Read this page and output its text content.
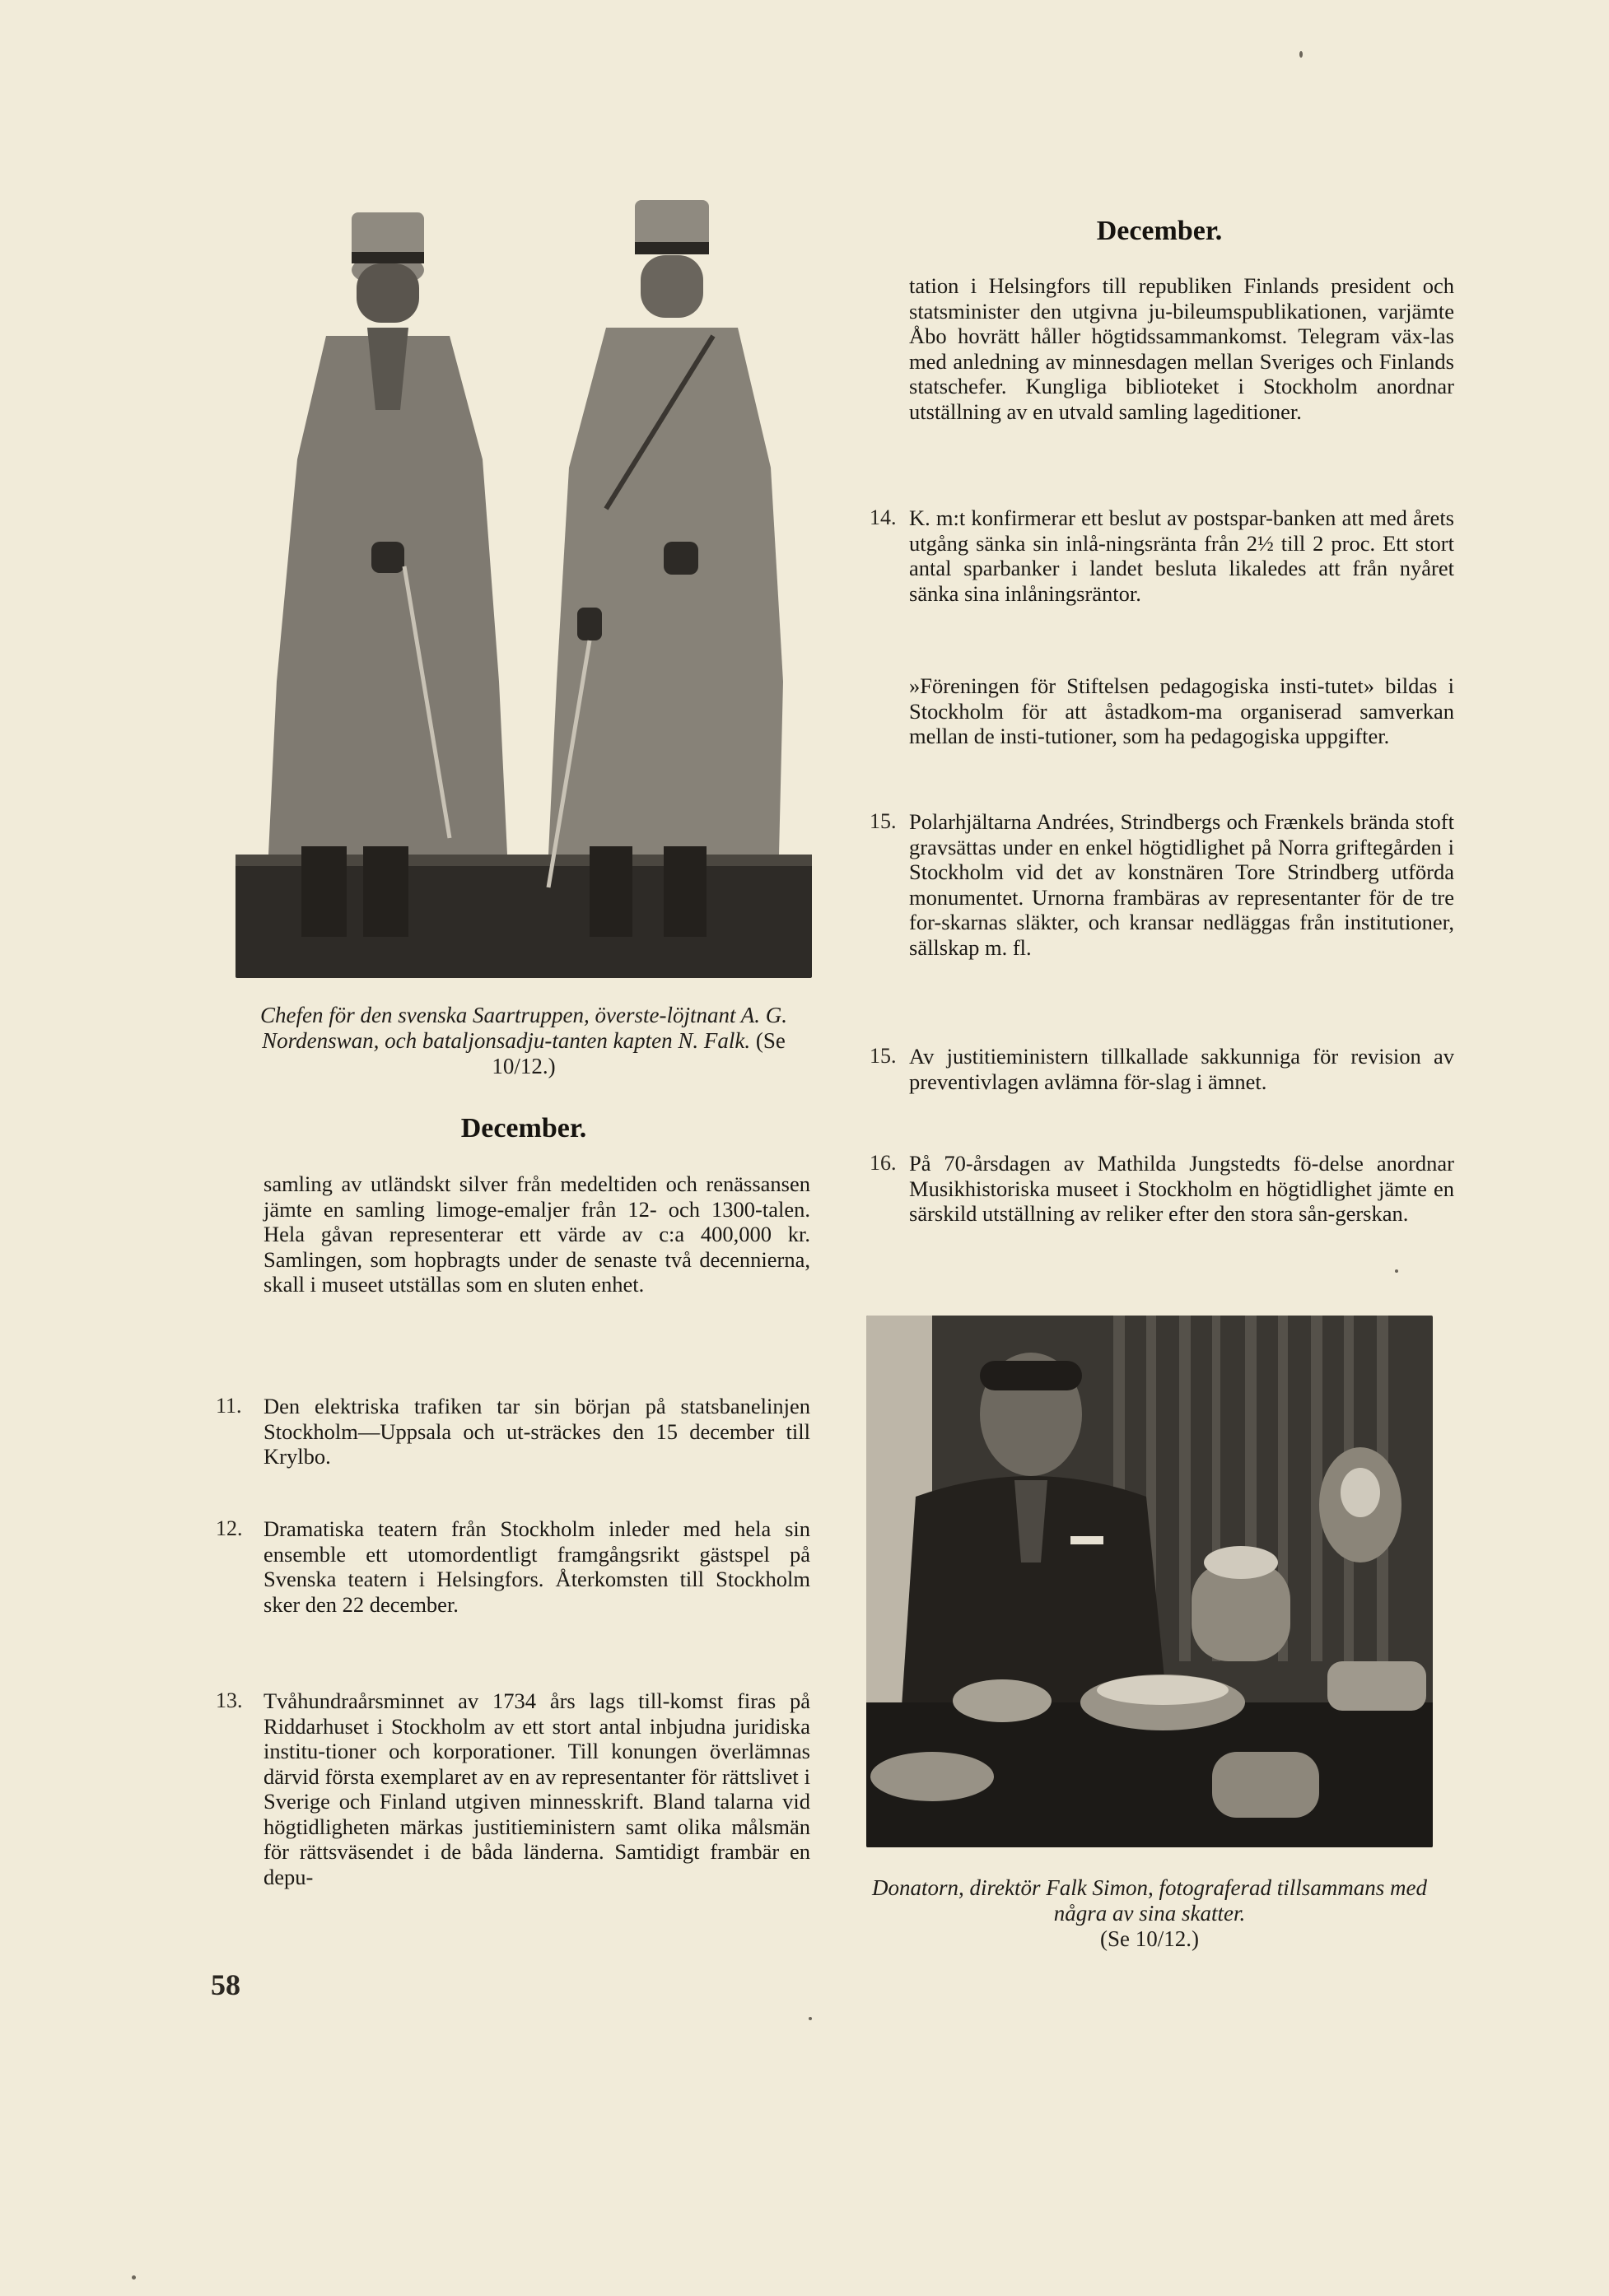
Chefen för den svenska Saartruppen, överste-löjtnant A. G. Nordenswan, och bataljonsadju-tanten kapten N. Falk. (Se 10/12.)
December.

samling av utländskt silver från medeltiden och renässansen jämte en samling limoge-emaljer från 12- och 1300-talen. Hela gåvan representerar ett värde av c:a 400,000 kr. Samlingen, som hopbragts under de senaste två decennierna, skall i museet utställas som en sluten enhet.

11. Den elektriska trafiken tar sin början på statsbanelinjen Stockholm—Uppsala och ut-sträckes den 15 december till Krylbo.

12. Dramatiska teatern från Stockholm inleder med hela sin ensemble ett utomordentligt framgångsrikt gästspel på Svenska teatern i Helsingfors. Återkomsten till Stockholm sker den 22 december.

13. Tvåhundraårsminnet av 1734 års lags till-komst firas på Riddarhuset i Stockholm av ett stort antal inbjudna juridiska institu-tioner och korporationer. Till konungen överlämnas därvid första exemplaret av en av representanter för rättslivet i Sverige och Finland utgiven minnesskrift. Bland talarna vid högtidligheten märkas justitieministern samt olika målsmän för rättsväsendet i de båda länderna. Samtidigt frambär en depu-

58
December.

tation i Helsingfors till republiken Finlands president och statsminister den utgivna ju-bileumspublikationen, varjämte Åbo hovrätt håller högtidssammankomst. Telegram väx-las med anledning av minnesdagen mellan Sveriges och Finlands statschefer. Kungliga biblioteket i Stockholm anordnar utställning av en utvald samling lageditioner.

14. K. m:t konfirmerar ett beslut av postspar-banken att med årets utgång sänka sin inlå-ningsränta från 2½ till 2 proc. Ett stort antal sparbanker i landet besluta likaledes att från nyåret sänka sina inlåningsräntor.

»Föreningen för Stiftelsen pedagogiska insti-tutet» bildas i Stockholm för att åstadkom-ma organiserad samverkan mellan de insti-tutioner, som ha pedagogiska uppgifter.

15. Polarhjältarna Andrées, Strindbergs och Frænkels brända stoft gravsättas under en enkel högtidlighet på Norra griftegården i Stockholm vid det av konstnären Tore Strindberg utförda monumentet. Urnorna frambäras av representanter för de tre for-skarnas släkter, och kransar nedläggas från institutioner, sällskap m. fl.

15. Av justitieministern tillkallade sakkunniga för revision av preventivlagen avlämna för-slag i ämnet.

16. På 70-årsdagen av Mathilda Jungstedts fö-delse anordnar Musikhistoriska museet i Stockholm en högtidlighet jämte en särskild utställning av reliker efter den stora sån-gerskan.

Donatorn, direktör Falk Simon, fotograferad tillsammans med några av sina skatter.
(Se 10/12.)
